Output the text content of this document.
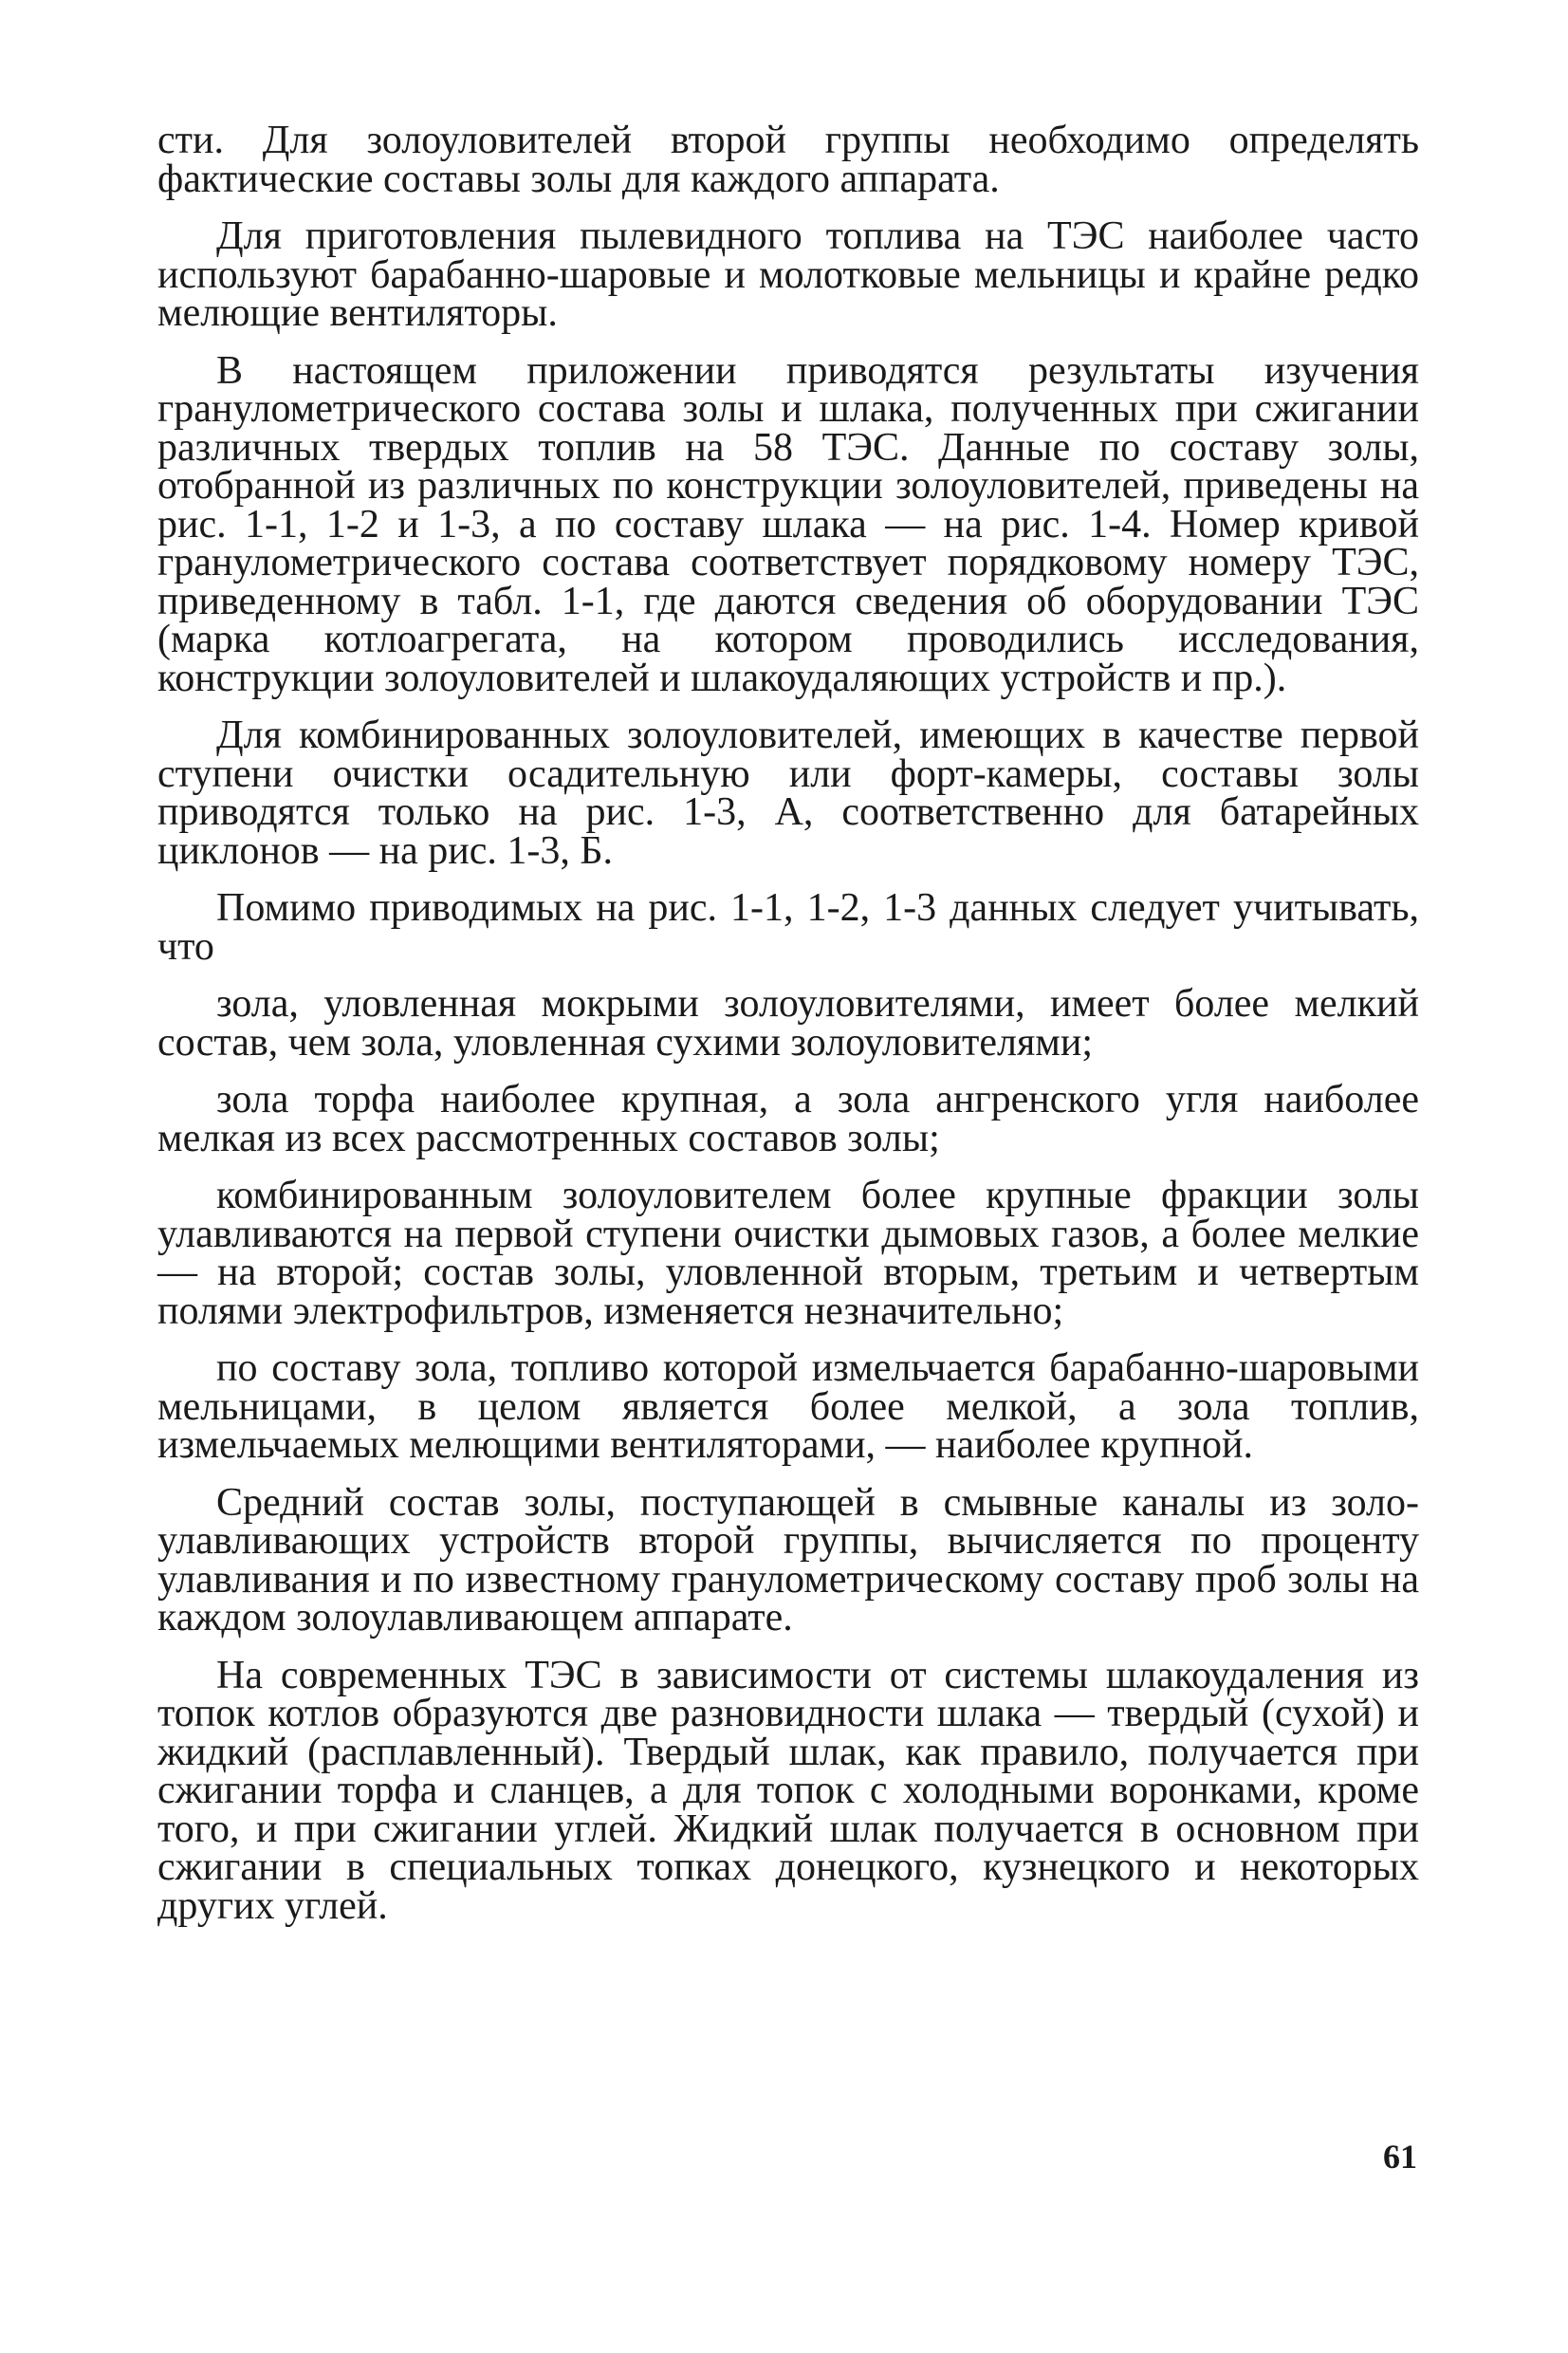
сти. Для золоуловителей второй группы необходимо определять фактические составы золы для каждого аппарата.

Для приготовления пылевидного топлива на ТЭС наиболее часто используют барабанно-шаровые и молотковые мельницы и крайне редко мелющие вентиляторы.

В настоящем приложении приводятся результаты изучения гранулометрического состава золы и шлака, полученных при сжигании различных твердых топлив на 58 ТЭС. Данные по составу золы, отобранной из различных по конструкции золоуловителей, приведены на рис. 1-1, 1-2 и 1-3, а по составу шлака — на рис. 1-4. Номер кривой гранулометрического состава соответствует порядковому номеру ТЭС, приведенному в табл. 1-1, где даются сведения об оборудовании ТЭС (марка котлоагрегата, на котором проводились исследования, конструкции золоуловителей и шлакоудаляющих устройств и пр.).

Для комбинированных золоуловителей, имеющих в качестве первой ступени очистки осадительную или форт-камеры, составы золы приводятся только на рис. 1-3, А, соответственно для батарейных циклонов — на рис. 1-3, Б.

Помимо приводимых на рис. 1-1, 1-2, 1-3 данных следует учитывать, что

зола, уловленная мокрыми золоуловителями, имеет более мелкий состав, чем зола, уловленная сухими золоуловителями;

зола торфа наиболее крупная, а зола ангренского угля наиболее мелкая из всех рассмотренных составов золы;

комбинированным золоуловителем более крупные фракции золы улавливаются на первой ступени очистки дымовых газов, а более мелкие — на второй; состав золы, уловленной вторым, третьим и четвертым полями электрофильтров, изменяется незначительно;

по составу зола, топливо которой измельчается барабанно-шаровыми мельницами, в целом является более мелкой, а зола топлив, измельчаемых мелющими вентиляторами, — наиболее крупной.

Средний состав золы, поступающей в смывные каналы из золоулавливающих устройств второй группы, вычисляется по проценту улавливания и по известному гранулометрическому составу проб золы на каждом золоулавливающем аппарате.

На современных ТЭС в зависимости от системы шлакоудаления из топок котлов образуются две разновидности шлака — твердый (сухой) и жидкий (расплавленный). Твердый шлак, как правило, получается при сжигании торфа и сланцев, а для топок с холодными воронками, кроме того, и при сжигании углей. Жидкий шлак получается в основном при сжигании в специальных топках донецкого, кузнецкого и некоторых других углей.

61
